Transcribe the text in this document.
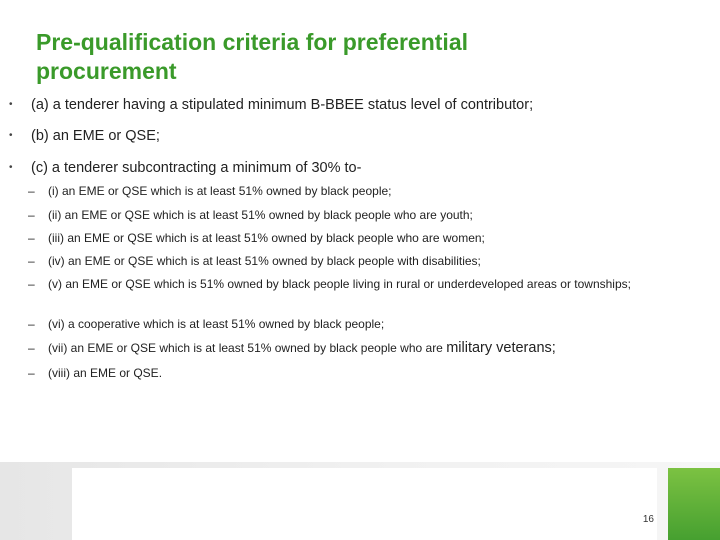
Pre-qualification criteria for preferential procurement
• (a) a tenderer having a stipulated minimum B-BBEE status level of contributor;
• (b) an EME or QSE;
• (c) a tenderer subcontracting a minimum of 30% to-
– (i) an EME or QSE which is at least 51% owned by black people;
– (ii) an EME or QSE which is at least 51% owned by black people who are youth;
– (iii) an EME or QSE which is at least 51% owned by black people who are women;
– (iv) an EME or QSE which is at least 51% owned by black people with disabilities;
– (v) an EME or QSE which is 51% owned by black people living in rural or underdeveloped areas or townships;
– (vi) a cooperative which is at least 51% owned by black people;
– (vii) an EME or QSE which is at least 51% owned by black people who are military veterans;
– (viii) an EME or QSE.
16
